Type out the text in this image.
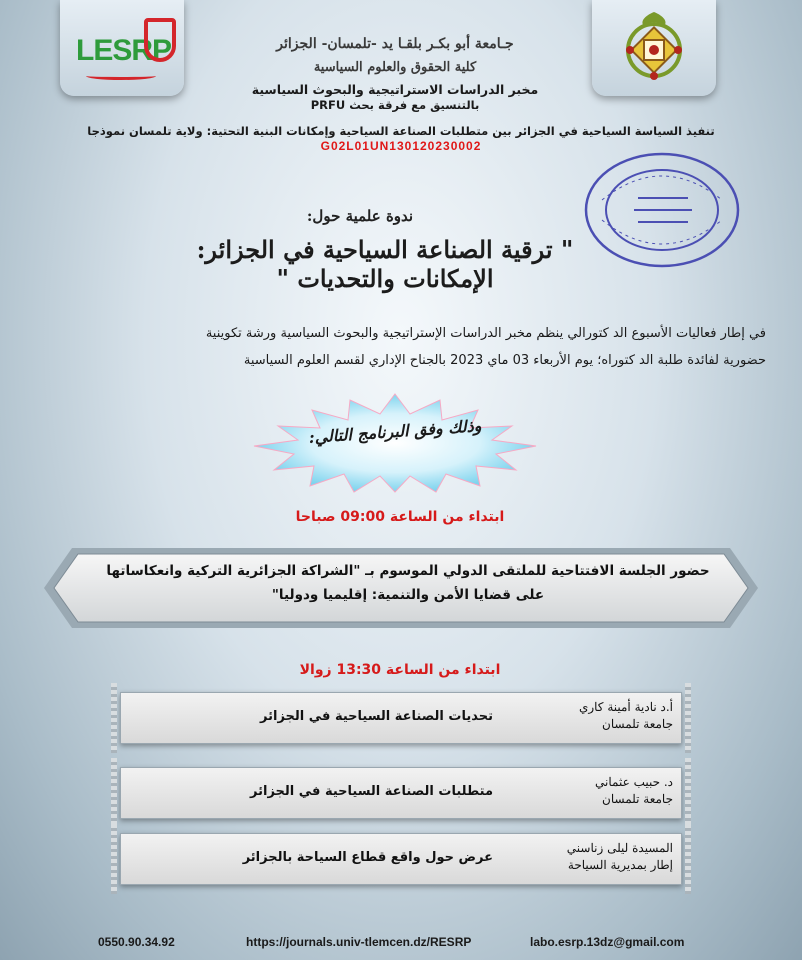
LESRP	جـامعة أبو بكـر بلقـا يد -تلمسان- الجزائر
كلية الحقوق والعلوم السياسية
مخبر الدراسات الاستراتيجية والبحوث السياسية
بالتنسيق مع فرقة بحث PRFU
تنفيذ السياسة السياحية في الجزائر بين متطلبات الصناعة السياحية وإمكانات البنية التحتية: ولاية تلمسان نموذجا
G02L01UN130120230002
ندوة علمية حول:
" ترقية الصناعة السياحية في الجزائر: الإمكانات والتحديات "
في إطار فعاليات الأسبوع الد كتورالي ينظم مخبر الدراسات الإستراتيجية والبحوث السياسية ورشة تكوينية
حضورية لفائدة طلبة الد كتوراه؛ يوم الأربعاء 03 ماي 2023 بالجناح الإداري لقسم العلوم السياسية
وذلك وفق البرنامج التالي:
ابتداء من الساعة 09:00 صباحا
حضور الجلسة الافتتاحية للملتقى الدولي الموسوم بـ "الشراكة الجزائرية التركية وانعكاساتها
على قضايا الأمن والتنمية: إقليميا ودوليا"
ابتداء من الساعة 13:30 زوالا
تحديات الصناعة السياحية في الجزائر
أ.د نادية أمينة كاري
جامعة تلمسان
متطلبات الصناعة السياحية في الجزائر
د. حبيب عثماني
جامعة تلمسان
عرض حول واقع قطاع السياحة بالجزائر
المسيدة ليلى زناسني
إطار بمديرية السياحة
0550.90.34.92	https://journals.univ-tlemcen.dz/RESRP	labo.esrp.13dz@gmail.com
